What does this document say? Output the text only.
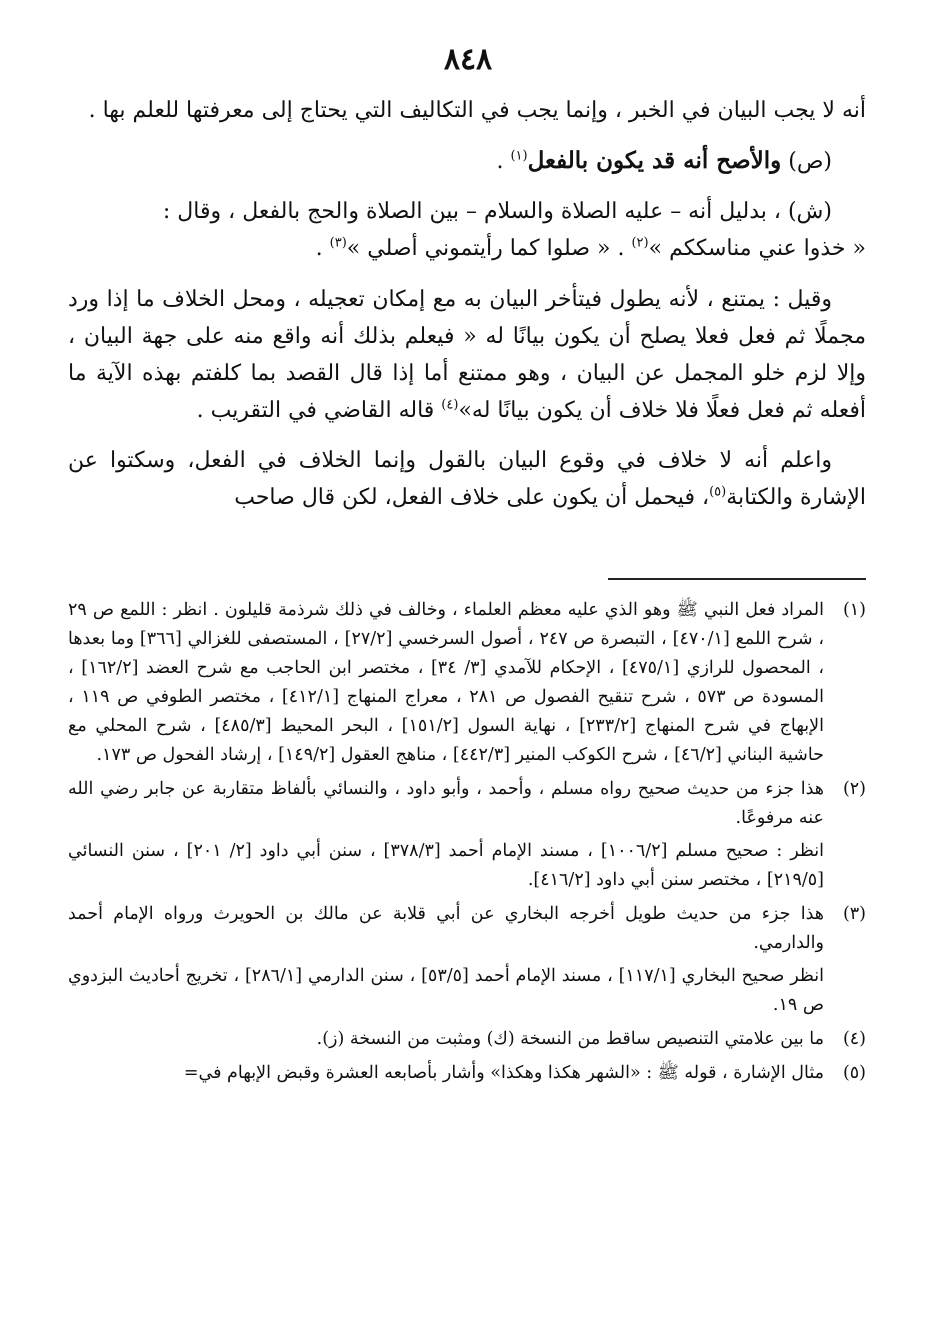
٨٤٨

أنه لا يجب البيان في الخبر ، وإنما يجب في التكاليف التي يحتاج إلى معرفتها للعلم بها .

(ص) والأصح أنه قد يكون بالفعل$^{(١)}$ .

(ش) ، بدليل أنه – عليه الصلاة والسلام – بين الصلاة والحج بالفعل ، وقال :
« خذوا عني مناسككم »$^{(٢)}$ . « صلوا كما رأيتموني أصلي »$^{(٣)}$ .

وقيل : يمتنع ، لأنه يطول فيتأخر البيان به مع إمكان تعجيله ، ومحل الخلاف ما إذا ورد مجملًا ثم فعل فعلا يصلح أن يكون بيانًا له « فيعلم بذلك أنه واقع منه على جهة البيان ، وإلا لزم خلو المجمل عن البيان ، وهو ممتنع أما إذا قال القصد بما كلفتم بهذه الآية ما أفعله ثم فعل فعلًا فلا خلاف أن يكون بيانًا له»$^{(٤)}$ قاله القاضي في التقريب .

واعلم أنه لا خلاف في وقوع البيان بالقول وإنما الخلاف في الفعل، وسكتوا عن الإشارة والكتابة$^{(٥)}$، فيحمل أن يكون على خلاف الفعل، لكن قال صاحب

(١)

المراد فعل النبي ﷺ وهو الذي عليه معظم العلماء ، وخالف في ذلك شرذمة قليلون . انظر : اللمع ص ٢٩ ، شرح اللمع [٤٧٠/١] ، التبصرة ص ٢٤٧ ، أصول السرخسي [٢٧/٢] ، المستصفى للغزالي [٣٦٦] وما بعدها ، المحصول للرازي [٤٧٥/١] ، الإحكام للآمدي [٣/ ٣٤] ، مختصر ابن الحاجب مع شرح العضد [١٦٢/٢] ، المسودة ص ٥٧٣ ، شرح تنقيح الفصول ص ٢٨١ ، معراج المنهاج [٤١٢/١] ، مختصر الطوفي ص ١١٩ ، الإبهاج في شرح المنهاج [٢٣٣/٢] ، نهاية السول [١٥١/٢] ، البحر المحيط [٤٨٥/٣] ، شرح المحلي مع حاشية البناني [٤٦/٢] ، شرح الكوكب المنير [٤٤٢/٣] ، مناهج العقول [١٤٩/٢] ، إرشاد الفحول ص ١٧٣.

(٢)

هذا جزء من حديث صحيح رواه مسلم ، وأحمد ، وأبو داود ، والنسائي بألفاظ متقاربة عن جابر رضي الله عنه مرفوعًا.

انظر : صحيح مسلم [١٠٠٦/٢] ، مسند الإمام أحمد [٣٧٨/٣] ، سنن أبي داود [٢/ ٢٠١] ، سنن النسائي [٢١٩/٥] ، مختصر سنن أبي داود [٤١٦/٢].

(٣)

هذا جزء من حديث طويل أخرجه البخاري عن أبي قلابة عن مالك بن الحويرث ورواه الإمام أحمد والدارمي.

انظر صحيح البخاري [١١٧/١] ، مسند الإمام أحمد [٥٣/٥] ، سنن الدارمي [٢٨٦/١] ، تخريج أحاديث البزدوي ص ١٩.

(٤)

ما بين علامتي التنصيص ساقط من النسخة (ك) ومثبت من النسخة (ز).

(٥)

مثال الإشارة ، قوله ﷺ : «الشهر هكذا وهكذا» وأشار بأصابعه العشرة وقبض الإبهام في=
